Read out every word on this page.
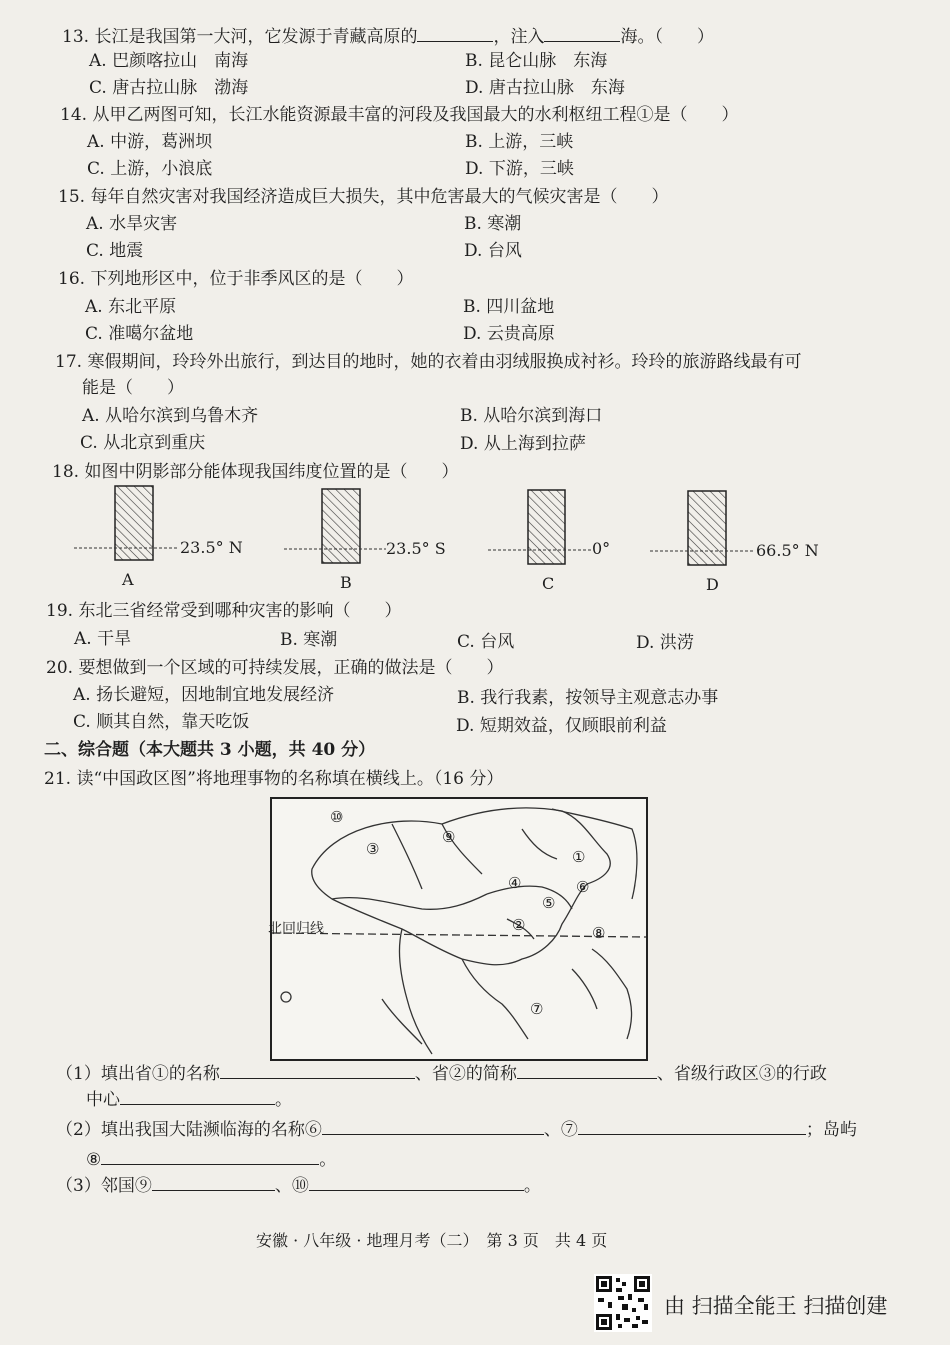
13. 长江是我国第一大河，它发源于青藏高原的	，注入	海。（　　）
A. 巴颜喀拉山　南海	B. 昆仑山脉　东海
C. 唐古拉山脉　渤海	D. 唐古拉山脉　东海
14. 从甲乙两图可知，长江水能资源最丰富的河段及我国最大的水利枢纽工程①是（　　）
A. 中游，葛洲坝	B. 上游，三峡
C. 上游，小浪底	D. 下游，三峡
15. 每年自然灾害对我国经济造成巨大损失，其中危害最大的气候灾害是（　　）
A. 水旱灾害	B. 寒潮
C. 地震	D. 台风
16. 下列地形区中，位于非季风区的是（　　）
A. 东北平原	B. 四川盆地
C. 准噶尔盆地	D. 云贵高原
17. 寒假期间，玲玲外出旅行，到达目的地时，她的衣着由羽绒服换成衬衫。玲玲的旅游路线最有可
能是（　　）
A. 从哈尔滨到乌鲁木齐	B. 从哈尔滨到海口
C. 从北京到重庆	D. 从上海到拉萨
18. 如图中阴影部分能体现我国纬度位置的是（　　）
23.5° N
A
23.5° S
B
0°
C
66.5° N
D
19. 东北三省经常受到哪种灾害的影响（　　）
A. 干旱	B. 寒潮	C. 台风	D. 洪涝
20. 要想做到一个区域的可持续发展，正确的做法是（　　）
A. 扬长避短，因地制宜地发展经济	B. 我行我素，按领导主观意志办事
C. 顺其自然，靠天吃饭	D. 短期效益，仅顾眼前利益
二、综合题（本大题共 3 小题，共 40 分）
21. 读“中国政区图”将地理事物的名称填在横线上。（16 分）
⑩
③
⑨
①
④	⑥
⑤
②	⑧
北回归线
⑦
（1）填出省①的名称	、省②的简称	、省级行政区③的行政
中心	。
（2）填出我国大陆濒临海的名称⑥	、⑦	；岛屿
⑧	。
（3）邻国⑨	、⑩	。
安徽 · 八年级 · 地理月考（二）　第 3 页　共 4 页
由 扫描全能王 扫描创建
